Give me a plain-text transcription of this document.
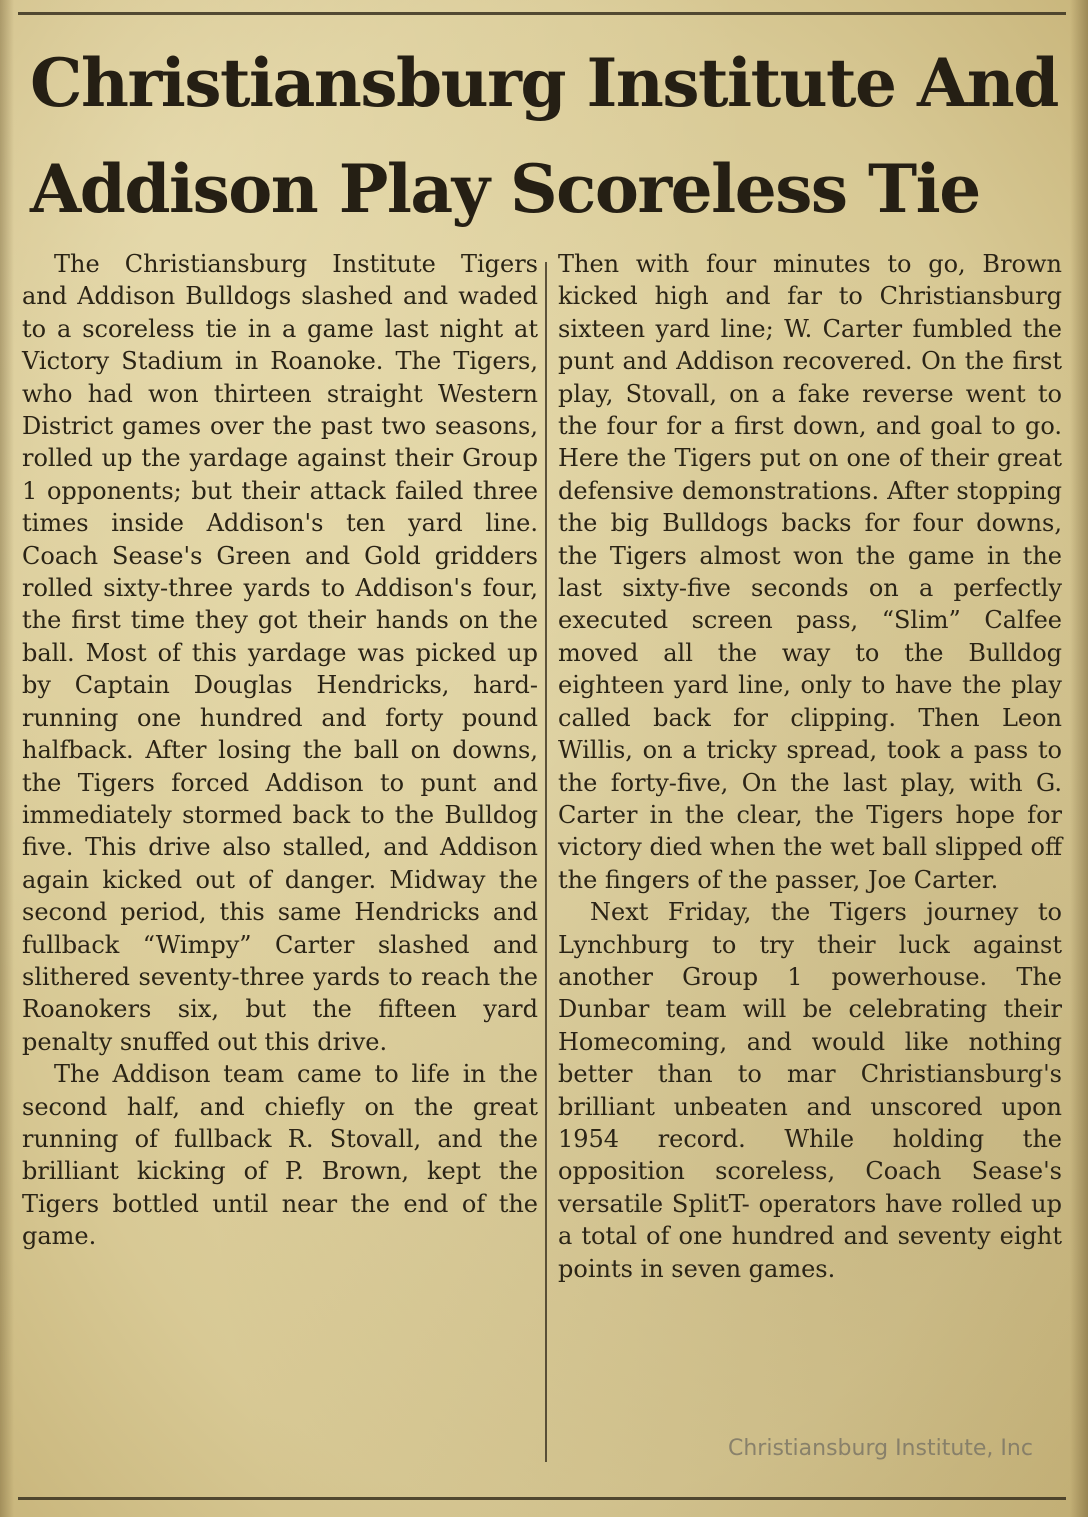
Christiansburg Institute And
Addison Play Scoreless Tie

The Christiansburg Institute Tigers and Addison Bulldogs slashed and waded to a scoreless tie in a game last night at Victory Stadium in Roanoke. The Tigers, who had won thirteen straight Western District games over the past two seasons, rolled up the yardage against their Group 1 opponents; but their attack failed three times inside Addison's ten yard line. Coach Sease's Green and Gold gridders rolled sixty-three yards to Addison's four, the first time they got their hands on the ball. Most of this yardage was picked up by Captain Douglas Hendricks, hard-running one hundred and forty pound halfback. After losing the ball on downs, the Tigers forced Addison to punt and immediately stormed back to the Bulldog five. This drive also stalled, and Addison again kicked out of danger. Midway the second period, this same Hendricks and fullback “Wimpy” Carter slashed and slithered seventy-three yards to reach the Roanokers six, but the fifteen yard penalty snuffed out this drive.

The Addison team came to life in the second half, and chiefly on the great running of fullback R. Stovall, and the brilliant kicking of P. Brown, kept the Tigers bottled until near the end of the game.

Then with four minutes to go, Brown kicked high and far to Christiansburg sixteen yard line; W. Carter fumbled the punt and Addison recovered. On the first play, Stovall, on a fake reverse went to the four for a first down, and goal to go. Here the Tigers put on one of their great defensive demonstrations. After stopping the big Bulldogs backs for four downs, the Tigers almost won the game in the last sixty-five seconds on a perfectly executed screen pass, “Slim” Calfee moved all the way to the Bulldog eighteen yard line, only to have the play called back for clipping. Then Leon Willis, on a tricky spread, took a pass to the forty-five, On the last play, with G. Carter in the clear, the Tigers hope for victory died when the wet ball slipped off the fingers of the passer, Joe Carter.

Next Friday, the Tigers journey to Lynchburg to try their luck against another Group 1 powerhouse. The Dunbar team will be celebrating their Homecoming, and would like nothing better than to mar Christiansburg's brilliant unbeaten and unscored upon 1954 record. While holding the opposition scoreless, Coach Sease's versatile SplitT- operators have rolled up a total of one hundred and seventy eight points in seven games.

Christiansburg Institute, Inc
